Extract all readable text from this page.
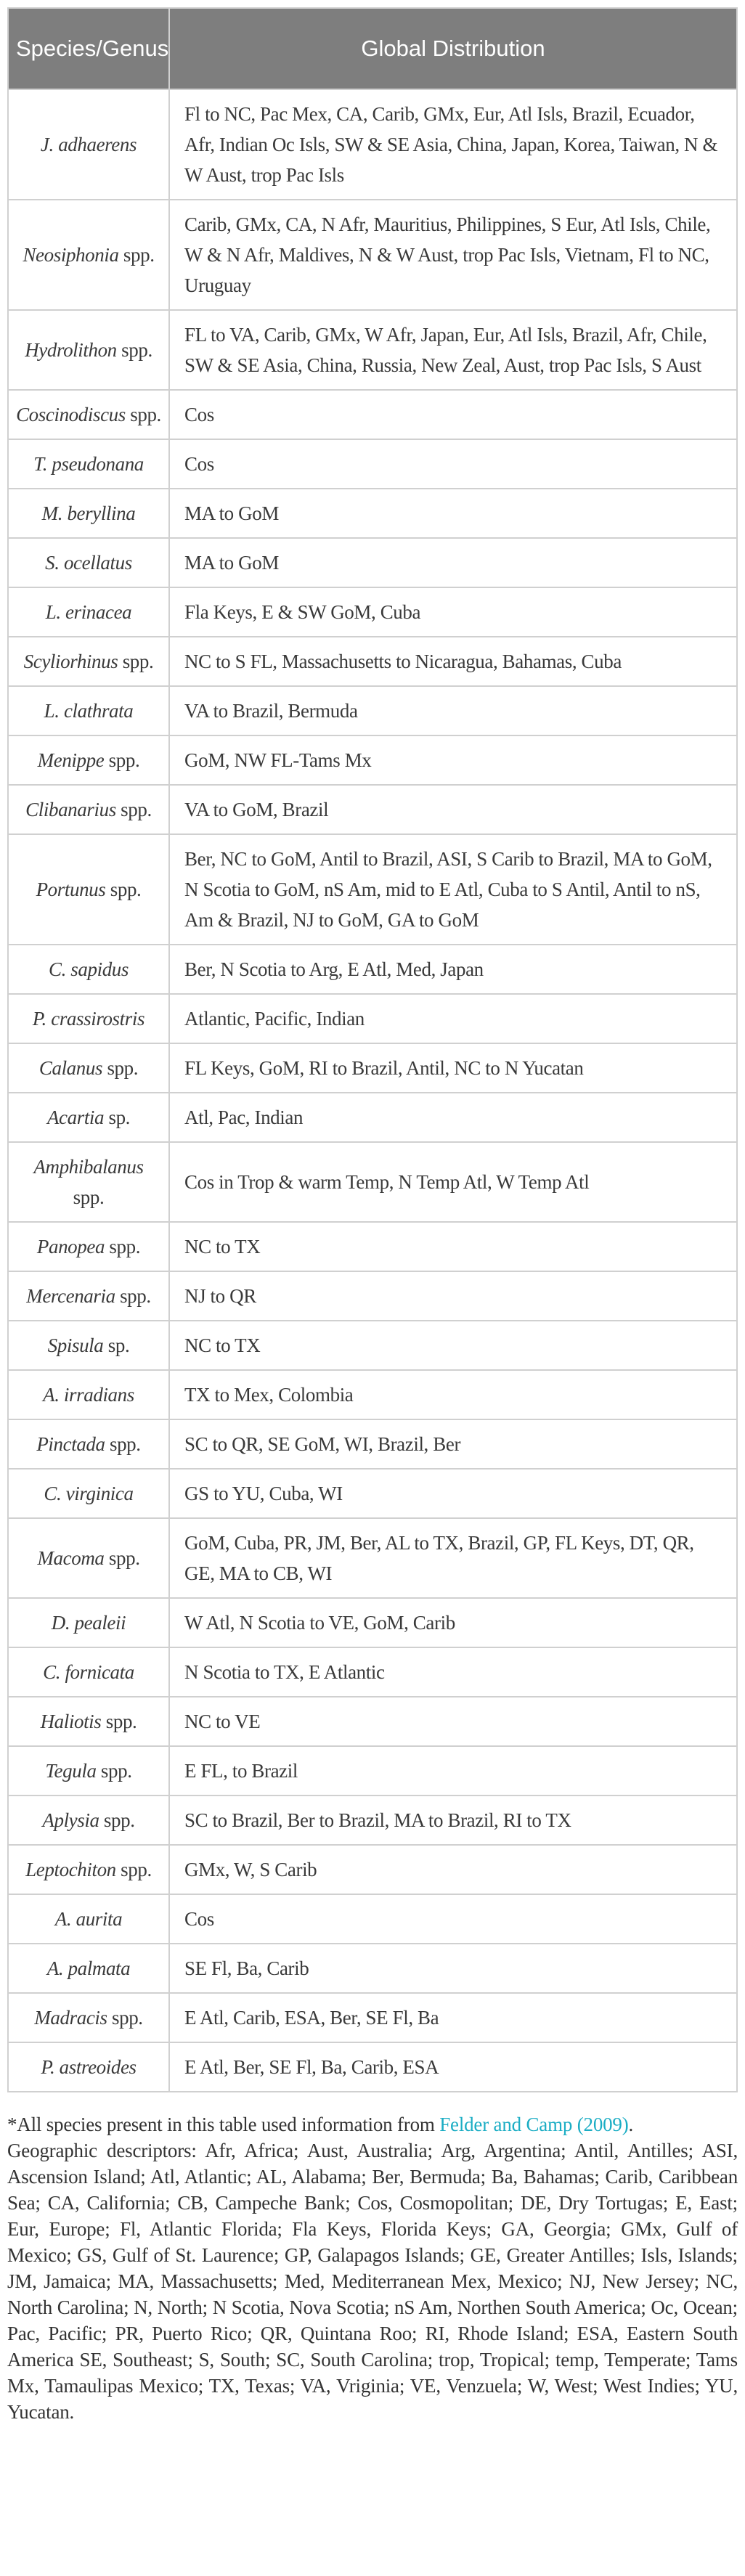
Species/Genus	Global Distribution
J. adhaerens	Fl to NC, Pac Mex, CA, Carib, GMx, Eur, Atl Isls, Brazil, Ecuador, Afr, Indian Oc Isls, SW & SE Asia, China, Japan, Korea, Taiwan, N & W Aust, trop Pac Isls
Neosiphonia spp.	Carib, GMx, CA, N Afr, Mauritius, Philippines, S Eur, Atl Isls, Chile, W & N Afr, Maldives, N & W Aust, trop Pac Isls, Vietnam, Fl to NC, Uruguay
Hydrolithon spp.	FL to VA, Carib, GMx, W Afr, Japan, Eur, Atl Isls, Brazil, Afr, Chile, SW & SE Asia, China, Russia, New Zeal, Aust, trop Pac Isls, S Aust
Coscinodiscus spp.	Cos
T. pseudonana	Cos
M. beryllina	MA to GoM
S. ocellatus	MA to GoM
L. erinacea	Fla Keys, E & SW GoM, Cuba
Scyliorhinus spp.	NC to S FL, Massachusetts to Nicaragua, Bahamas, Cuba
L. clathrata	VA to Brazil, Bermuda
Menippe spp.	GoM, NW FL-Tams Mx
Clibanarius spp.	VA to GoM, Brazil
Portunus spp.	Ber, NC to GoM, Antil to Brazil, ASI, S Carib to Brazil, MA to GoM, N Scotia to GoM, nS Am, mid to E Atl, Cuba to S Antil, Antil to nS, Am & Brazil, NJ to GoM, GA to GoM
C. sapidus	Ber, N Scotia to Arg, E Atl, Med, Japan
P. crassirostris	Atlantic, Pacific, Indian
Calanus spp.	FL Keys, GoM, RI to Brazil, Antil, NC to N Yucatan
Acartia sp.	Atl, Pac, Indian
Amphibalanus spp.	Cos in Trop & warm Temp, N Temp Atl, W Temp Atl
Panopea spp.	NC to TX
Mercenaria spp.	NJ to QR
Spisula sp.	NC to TX
A. irradians	TX to Mex, Colombia
Pinctada spp.	SC to QR, SE GoM, WI, Brazil, Ber
C. virginica	GS to YU, Cuba, WI
Macoma spp.	GoM, Cuba, PR, JM, Ber, AL to TX, Brazil, GP, FL Keys, DT, QR, GE, MA to CB, WI
D. pealeii	W Atl, N Scotia to VE, GoM, Carib
C. fornicata	N Scotia to TX, E Atlantic
Haliotis spp.	NC to VE
Tegula spp.	E FL, to Brazil
Aplysia spp.	SC to Brazil, Ber to Brazil, MA to Brazil, RI to TX
Leptochiton spp.	GMx, W, S Carib
A. aurita	Cos
A. palmata	SE Fl, Ba, Carib
Madracis spp.	E Atl, Carib, ESA, Ber, SE Fl, Ba
P. astreoides	E Atl, Ber, SE Fl, Ba, Carib, ESA

*All species present in this table used information from Felder and Camp (2009).

Geographic descriptors: Afr, Africa; Aust, Australia; Arg, Argentina; Antil, Antilles; ASI, Ascension Island; Atl, Atlantic; AL, Alabama; Ber, Bermuda; Ba, Bahamas; Carib, Caribbean Sea; CA, California; CB, Campeche Bank; Cos, Cosmopolitan; DE, Dry Tortugas; E, East; Eur, Europe; Fl, Atlantic Florida; Fla Keys, Florida Keys; GA, Georgia; GMx, Gulf of Mexico; GS, Gulf of St. Laurence; GP, Galapagos Islands; GE, Greater Antilles; Isls, Islands; JM, Jamaica; MA, Massachusetts; Med, Mediterranean Mex, Mexico; NJ, New Jersey; NC, North Carolina; N, North; N Scotia, Nova Scotia; nS Am, Northen South America; Oc, Ocean; Pac, Pacific; PR, Puerto Rico; QR, Quintana Roo; RI, Rhode Island; ESA, Eastern South America SE, Southeast; S, South; SC, South Carolina; trop, Tropical; temp, Temperate; Tams Mx, Tamaulipas Mexico; TX, Texas; VA, Vriginia; VE, Venzuela; W, West; West Indies; YU, Yucatan.
